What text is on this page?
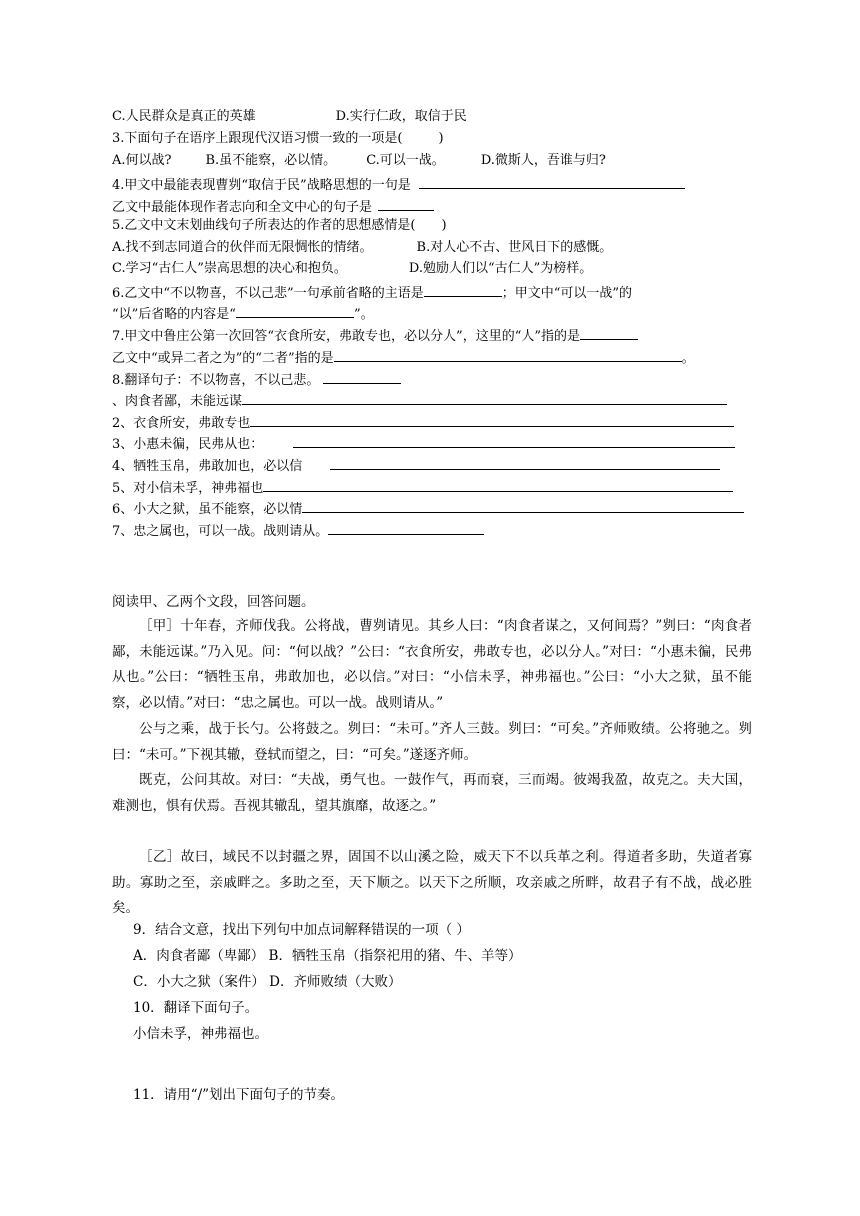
C.人民群众是真正的英雄	D.实行仁政，取信于民
3.下面句子在语序上跟现代汉语习惯一致的一项是(	)
A.何以战?	B.虽不能察，必以情。 C.可以一战。	D.微斯人，吾谁与归?
4.甲文中最能表现曹刿“取信于民”战略思想的一句是
乙文中最能体现作者志向和全文中心的句子是
5.乙文中文末划曲线句子所表达的作者的思想感情是( )
A.找不到志同道合的伙伴而无限惆怅的情绪。	B.对人心不古、世风日下的感慨。
C.学习“古仁人”崇高思想的决心和抱负。	D.勉励人们以“古仁人”为榜样。
6.乙文中“不以物喜，不以己悲”一句承前省略的主语是	；甲文中“可以一战”的
“以”后省略的内容是“	”。
7.甲文中鲁庄公第一次回答“衣食所安，弗敢专也，必以分人”，这里的“人”指的是
乙文中“或异二者之为”的“二者”指的是	。
8.翻译句子：不以物喜，不以己悲。
、肉食者鄙，未能远谋
2、衣食所安，弗敢专也
3、小惠未徧，民弗从也：
4、牺牲玉帛，弗敢加也，必以信
5、对小信未孚，神弗福也
6、小大之狱，虽不能察，必以情
7、忠之属也，可以一战。战则请从。
阅读甲、乙两个文段，回答问题。

［甲］十年春，齐师伐我。公将战，曹刿请见。其乡人曰：“肉食者谋之，又何间焉？”刿曰：“肉食者鄙，未能远谋。”乃入见。问：“何以战？”公曰：“衣食所安，弗敢专也，必以分人。”对曰：“小惠未徧，民弗从也。”公曰：“牺牲玉帛，弗敢加也，必以信。”对曰：“小信未孚，神弗福也。”公曰：“小大之狱，虽不能察，必以情。”对曰：“忠之属也。可以一战。战则请从。”

公与之乘，战于长勺。公将鼓之。刿曰：“未可。”齐人三鼓。刿曰：“可矣。”齐师败绩。公将驰之。刿曰：“未可。”下视其辙，登轼而望之，曰：“可矣。”遂逐齐师。

既克，公问其故。对曰：“夫战，勇气也。一鼓作气，再而衰，三而竭。彼竭我盈，故克之。夫大国，难测也，惧有伏焉。吾视其辙乱，望其旗靡，故逐之。”

［乙］故曰，域民不以封疆之界，固国不以山溪之险，威天下不以兵革之利。得道者多助，失道者寡助。寡助之至，亲戚畔之。多助之至，天下顺之。以天下之所顺，攻亲戚之所畔，故君子有不战，战必胜矣。

9．结合文意，找出下列句中加点词解释错误的一项（ ）
A．肉食者鄙（卑鄙） B．牺牲玉帛（指祭祀用的猪、牛、羊等）
C．小大之狱（案件） D．齐师败绩（大败）
10．翻译下面句子。
小信未孚，神弗福也。
11．请用“/”划出下面句子的节奏。
